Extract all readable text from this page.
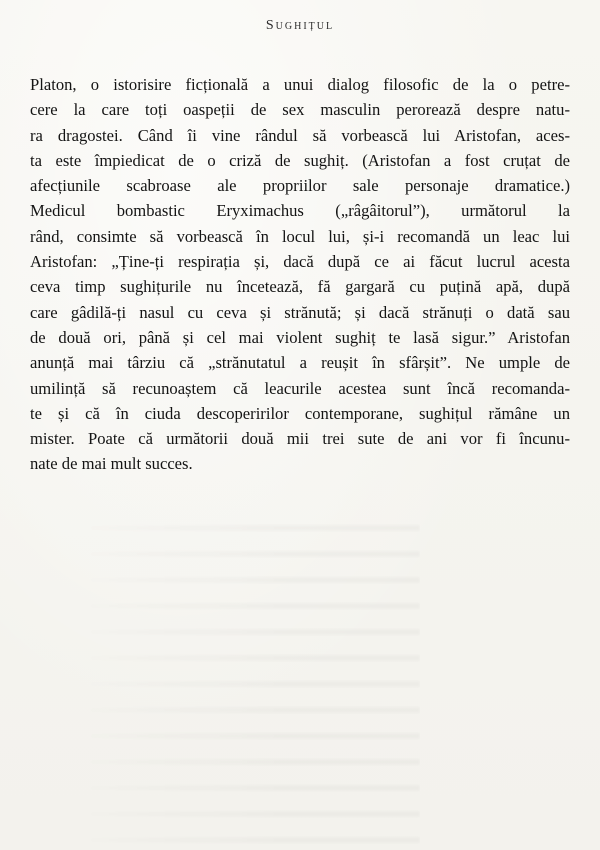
Sughițul
Platon, o istorisire ficțională a unui dialog filosofic de la o petre-
cere la care toți oaspeții de sex masculin perorează despre natu-
ra dragostei. Când îi vine rândul să vorbească lui Aristofan, aces-
ta este împiedicat de o criză de sughiț. (Aristofan a fost cruțat de
afecțiunile scabroase ale propriilor sale personaje dramatice.)
Medicul bombastic Eryximachus („râgâitorul”), următorul la
rând, consimte să vorbească în locul lui, și-i recomandă un leac lui
Aristofan: „Ține-ți respirația și, dacă după ce ai făcut lucrul acesta
ceva timp sughițurile nu încetează, fă gargară cu puțină apă, după
care gâdilă-ți nasul cu ceva și strănută; și dacă strănuți o dată sau
de două ori, până și cel mai violent sughiț te lasă sigur.” Aristofan
anunță mai târziu că „strănutatul a reușit în sfârșit”. Ne umple de
umilință să recunoaștem că leacurile acestea sunt încă recomanda-
te și că în ciuda descoperirilor contemporane, sughițul rămâne un
mister. Poate că următorii două mii trei sute de ani vor fi încunu-
nate de mai mult succes.
